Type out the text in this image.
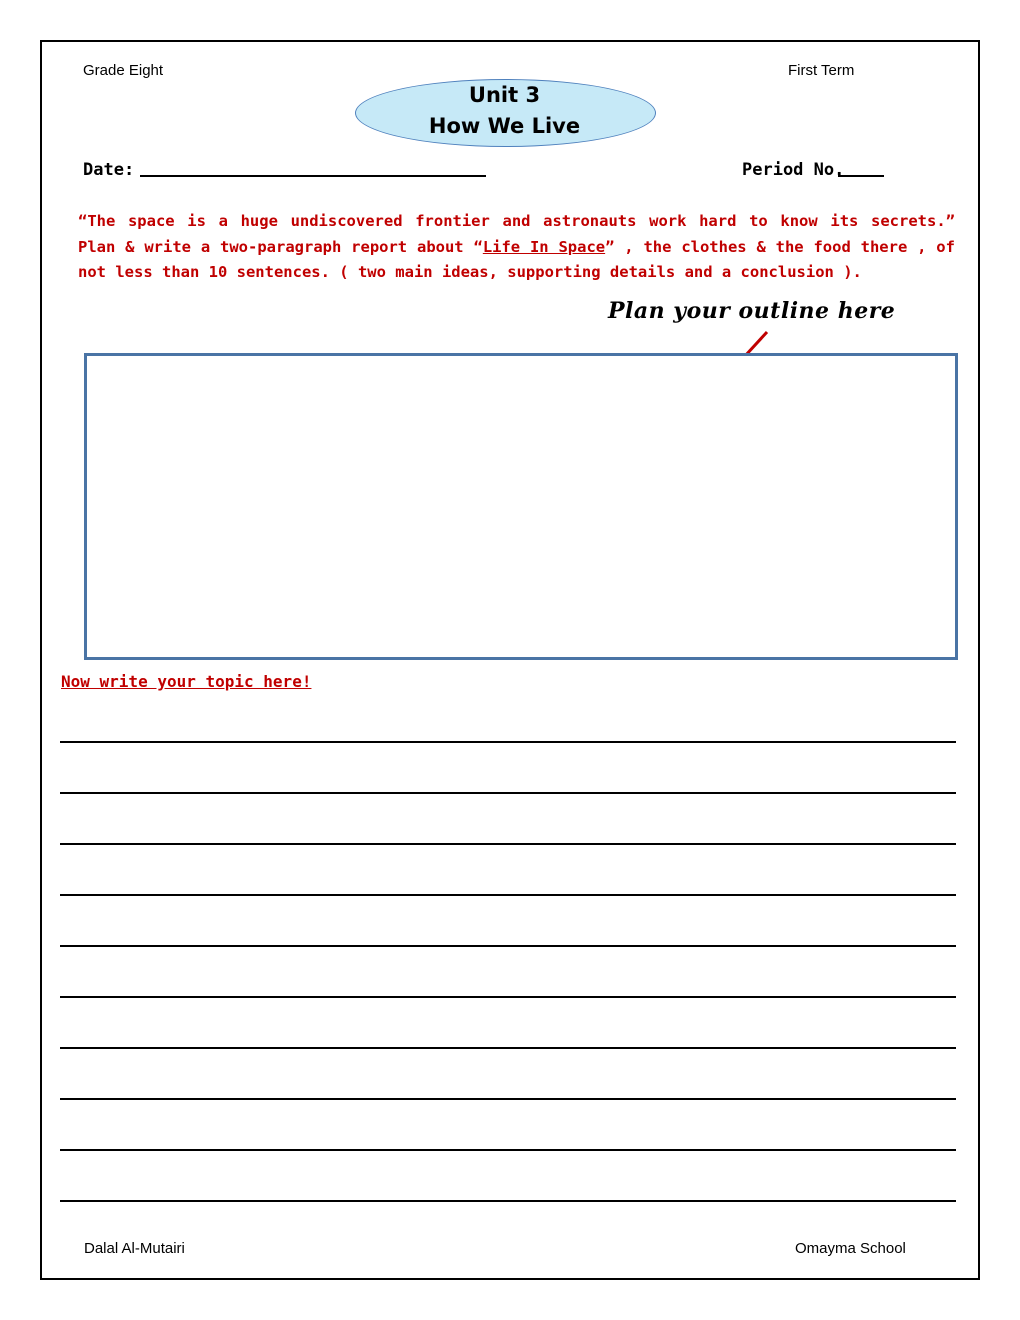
Grade Eight	First Term
Unit 3
How We Live
Date:	Period No.
“The space is a huge undiscovered frontier and astronauts work hard to know its secrets.” Plan & write a two-paragraph report about “Life In Space” , the clothes & the food there , of not less than 10 sentences. ( two main ideas, supporting details and a conclusion ).
Plan your outline here
Now write your topic here!
Dalal Al-Mutairi	Omayma School
